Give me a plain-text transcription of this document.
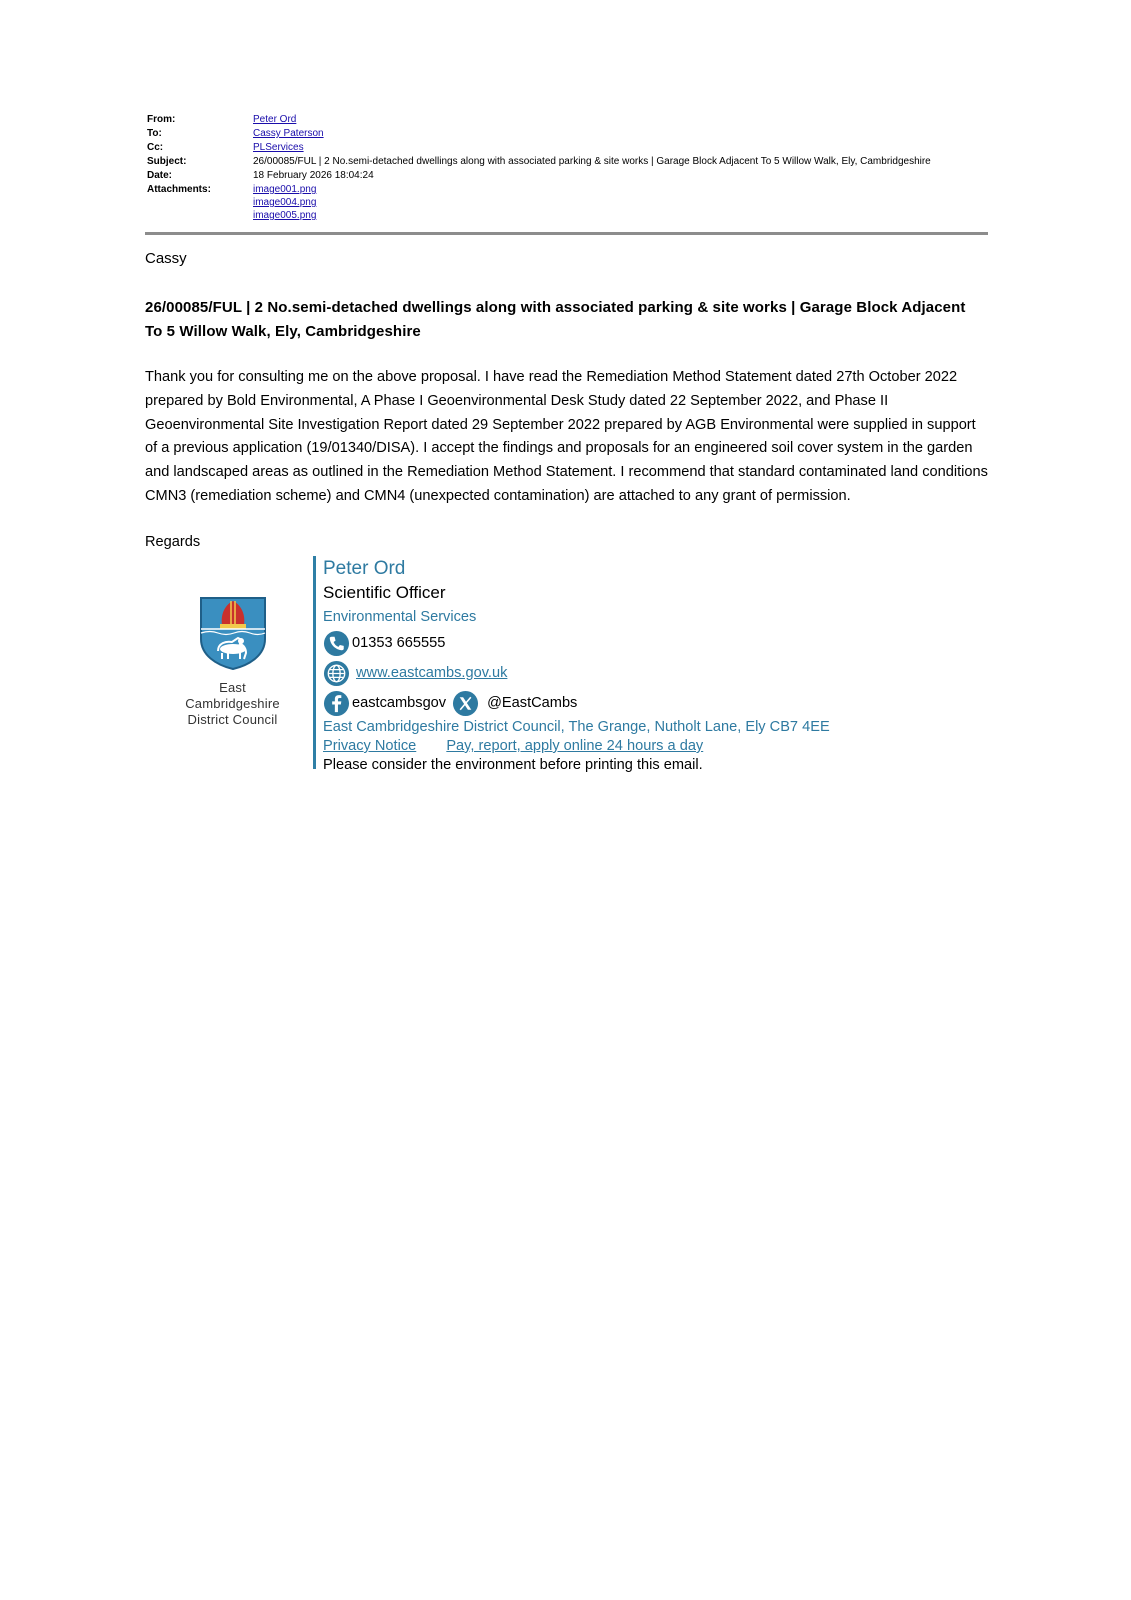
From:	Peter Ord
To:	Cassy Paterson
Cc:	PLServices
Subject:	26/00085/FUL | 2 No.semi-detached dwellings along with associated parking & site works | Garage Block Adjacent To 5 Willow Walk, Ely, Cambridgeshire
Date:	18 February 2026 18:04:24
Attachments:	image001.png
image004.png
image005.png
Cassy
26/00085/FUL | 2 No.semi-detached dwellings along with associated parking & site works | Garage Block Adjacent To 5 Willow Walk, Ely, Cambridgeshire
Thank you for consulting me on the above proposal. I have read the Remediation Method Statement dated 27th October 2022 prepared by Bold Environmental, A Phase I Geoenvironmental Desk Study dated 22 September 2022, and Phase II Geoenvironmental Site Investigation Report dated 29 September 2022 prepared by AGB Environmental were supplied in support of a previous application (19/01340/DISA). I accept the findings and proposals for an engineered soil cover system in the garden and landscaped areas as outlined in the Remediation Method Statement. I recommend that standard contaminated land conditions CMN3 (remediation scheme) and CMN4 (unexpected contamination) are attached to any grant of permission.
Regards
East Cambridgeshire
District Council
Peter Ord
Scientific Officer
Environmental Services
01353 665555
www.eastcambs.gov.uk
eastcambsgov	@EastCambs
East Cambridgeshire District Council, The Grange, Nutholt Lane, Ely CB7 4EE
Privacy Notice Pay, report, apply online 24 hours a day
Please consider the environment before printing this email.
